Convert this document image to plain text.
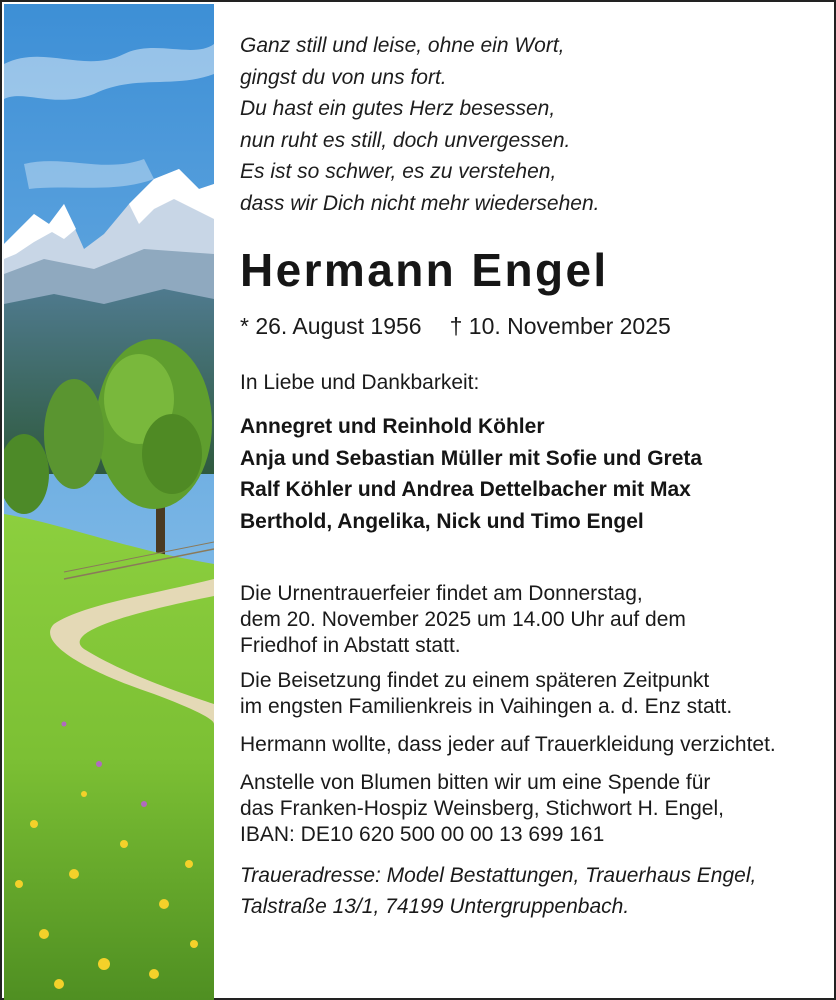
Ganz still und leise, ohne ein Wort,

gingst du von uns fort.

Du hast ein gutes Herz besessen,

nun ruht es still, doch unvergessen.

Es ist so schwer, es zu verstehen,

dass wir Dich nicht mehr wiedersehen.

Hermann Engel
* 26. August 1956 † 10. November 2025

In Liebe und Dankbarkeit:

Annegret und Reinhold Köhler

Anja und Sebastian Müller mit Sofie und Greta

Ralf Köhler und Andrea Dettelbacher mit Max

Berthold, Angelika, Nick und Timo Engel

Die Urnentrauerfeier findet am Donnerstag,

dem 20. November 2025 um 14.00 Uhr auf dem

Friedhof in Abstatt statt.

Die Beisetzung findet zu einem späteren Zeitpunkt

im engsten Familienkreis in Vaihingen a. d. Enz statt.

Hermann wollte, dass jeder auf Trauerkleidung verzichtet.

Anstelle von Blumen bitten wir um eine Spende für

das Franken-Hospiz Weinsberg, Stichwort H. Engel,

IBAN: DE10 620 500 00 00 13 699 161

Traueradresse: Model Bestattungen, Trauerhaus Engel,

Talstraße 13/1, 74199 Untergruppenbach.
